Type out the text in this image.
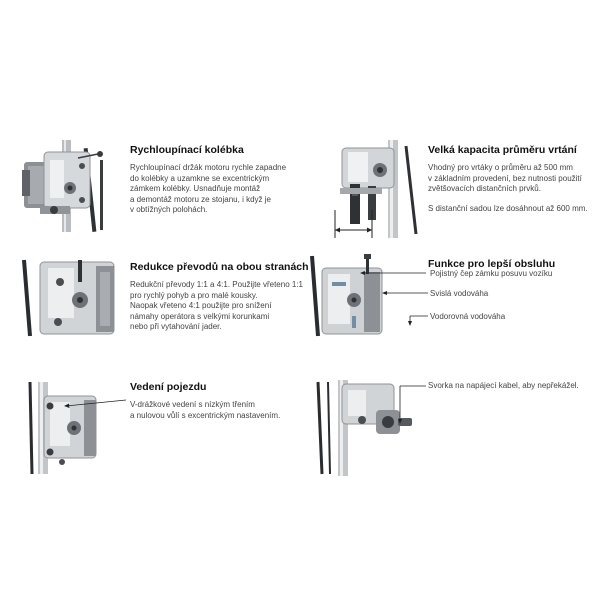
Rychloupínací kolébka
Rychloupínací držák motoru rychle zapadne
do kolébky a uzamkne se excentrickým
zámkem kolébky. Usnadňuje montáž
a demontáž motoru ze stojanu, i když je
v obtížných polohách.
Velká kapacita průměru vrtání
Vhodný pro vrtáky o průměru až 500 mm
v základním provedení, bez nutnosti použití
zvětšovacích distančních prvků.
S distanční sadou lze dosáhnout až 600 mm.
Redukce převodů na obou stranách
Redukční převody 1:1 a 4:1. Použijte vřeteno 1:1
pro rychlý pohyb a pro malé kousky.
Naopak vřeteno 4:1 použijte pro snížení
námahy operátora s velkými korunkami
nebo při vytahování jader.
Funkce pro lepší obsluhu
Pojistný čep zámku posuvu vozíku
Svislá vodováha
Vodorovná vodováha
Vedení pojezdu
V-drážkové vedení s nízkým třením
a nulovou vůlí s excentrickým nastavením.
Svorka na napájecí kabel, aby nepřekážel.
